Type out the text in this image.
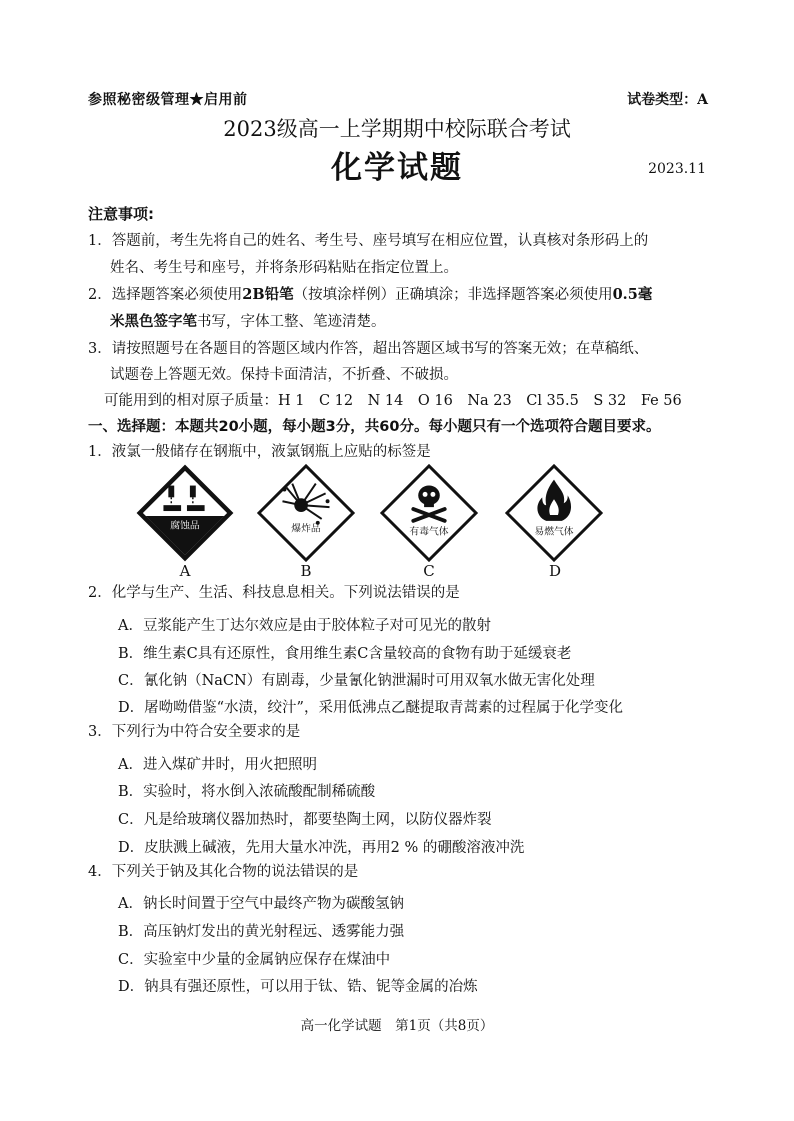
参照秘密级管理★启用前	试卷类型：A
2023级高一上学期期中校际联合考试
化学试题	2023.11
注意事项:
1．答题前，考生先将自己的姓名、考生号、座号填写在相应位置，认真核对条形码上的
姓名、考生号和座号，并将条形码粘贴在指定位置上。
2．选择题答案必须使用2B铅笔（按填涂样例）正确填涂；非选择题答案必须使用0.5毫
米黑色签字笔书写，字体工整、笔迹清楚。
3．请按照题号在各题目的答题区域内作答，超出答题区域书写的答案无效；在草稿纸、
试题卷上答题无效。保持卡面清洁，不折叠、不破损。
可能用到的相对原子质量：H 1　C 12　N 14　O 16　Na 23　Cl 35.5　S 32　Fe 56
一、选择题：本题共20小题，每小题3分，共60分。每小题只有一个选项符合题目要求。
1．液氯一般储存在钢瓶中，液氯钢瓶上应贴的标签是
腐蚀品
A
爆炸品
B
有毒气体
C
易燃气体
D
2．化学与生产、生活、科技息息相关。下列说法错误的是
A．豆浆能产生丁达尔效应是由于胶体粒子对可见光的散射
B．维生素C具有还原性，食用维生素C含量较高的食物有助于延缓衰老
C．氰化钠（NaCN）有剧毒，少量氰化钠泄漏时可用双氧水做无害化处理
D．屠呦呦借鉴“水渍，绞汁”，采用低沸点乙醚提取青蒿素的过程属于化学变化
3．下列行为中符合安全要求的是
A．进入煤矿井时，用火把照明
B．实验时，将水倒入浓硫酸配制稀硫酸
C．凡是给玻璃仪器加热时，都要垫陶土网，以防仪器炸裂
D．皮肤溅上碱液，先用大量水冲洗，再用2 % 的硼酸溶液冲洗
4．下列关于钠及其化合物的说法错误的是
A．钠长时间置于空气中最终产物为碳酸氢钠
B．高压钠灯发出的黄光射程远、透雾能力强
C．实验室中少量的金属钠应保存在煤油中
D．钠具有强还原性，可以用于钛、锆、铌等金属的冶炼
高一化学试题　第1页（共8页）
